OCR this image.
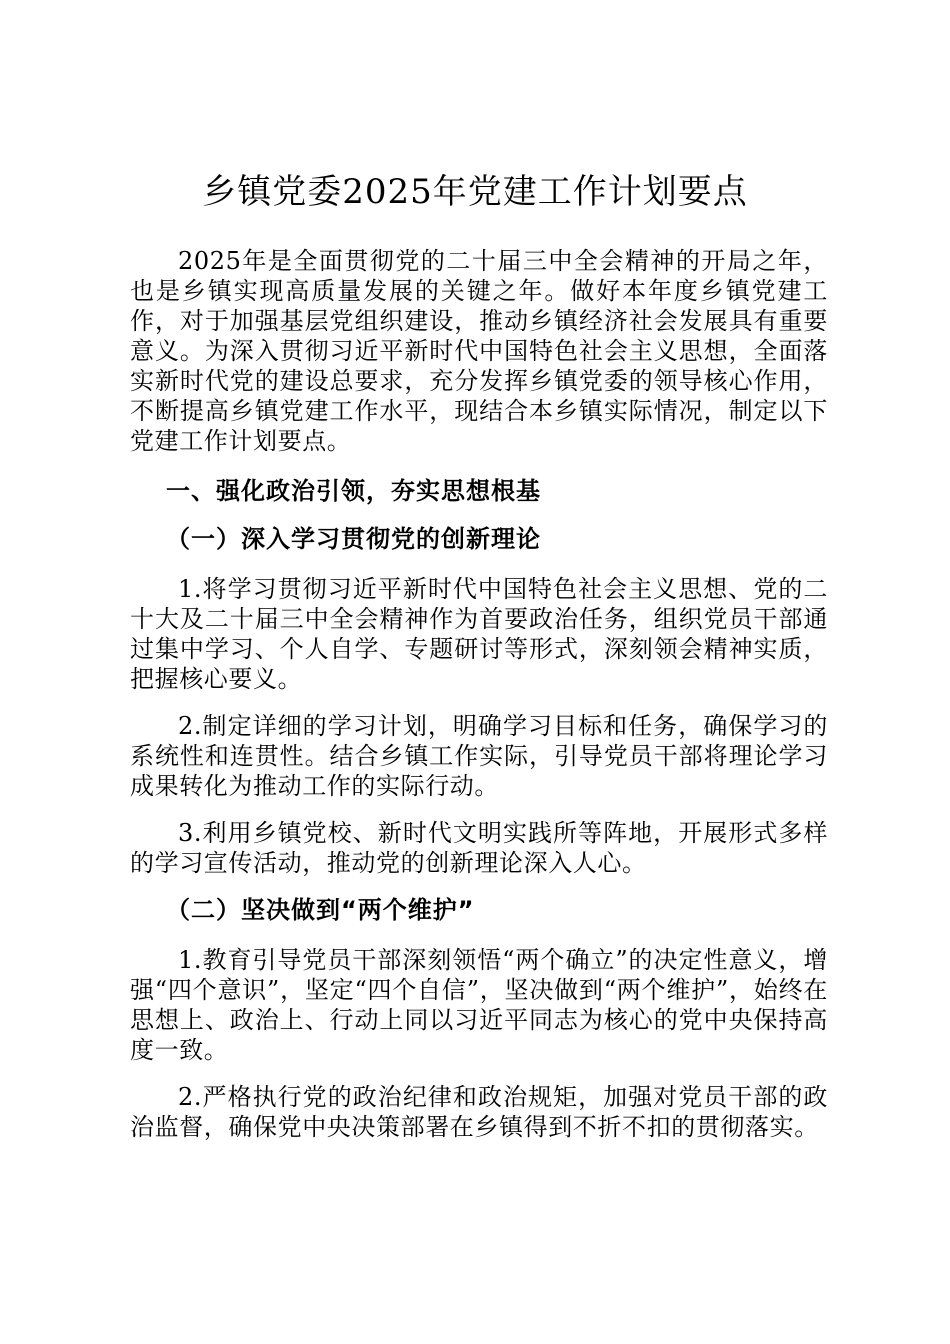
乡镇党委2025年党建工作计划要点

2025年是全面贯彻党的二十届三中全会精神的开局之年，也是乡镇实现高质量发展的关键之年。做好本年度乡镇党建工作，对于加强基层党组织建设，推动乡镇经济社会发展具有重要意义。为深入贯彻习近平新时代中国特色社会主义思想，全面落实新时代党的建设总要求，充分发挥乡镇党委的领导核心作用，不断提高乡镇党建工作水平，现结合本乡镇实际情况，制定以下党建工作计划要点。

一、强化政治引领，夯实思想根基
（一）深入学习贯彻党的创新理论

1.将学习贯彻习近平新时代中国特色社会主义思想、党的二十大及二十届三中全会精神作为首要政治任务，组织党员干部通过集中学习、个人自学、专题研讨等形式，深刻领会精神实质，把握核心要义。

2.制定详细的学习计划，明确学习目标和任务，确保学习的系统性和连贯性。结合乡镇工作实际，引导党员干部将理论学习成果转化为推动工作的实际行动。

3.利用乡镇党校、新时代文明实践所等阵地，开展形式多样的学习宣传活动，推动党的创新理论深入人心。

（二）坚决做到“两个维护”

1.教育引导党员干部深刻领悟“两个确立”的决定性意义，增强“四个意识”，坚定“四个自信”，坚决做到“两个维护”，始终在思想上、政治上、行动上同以习近平同志为核心的党中央保持高度一致。

2.严格执行党的政治纪律和政治规矩，加强对党员干部的政治监督，确保党中央决策部署在乡镇得到不折不扣的贯彻落实。
